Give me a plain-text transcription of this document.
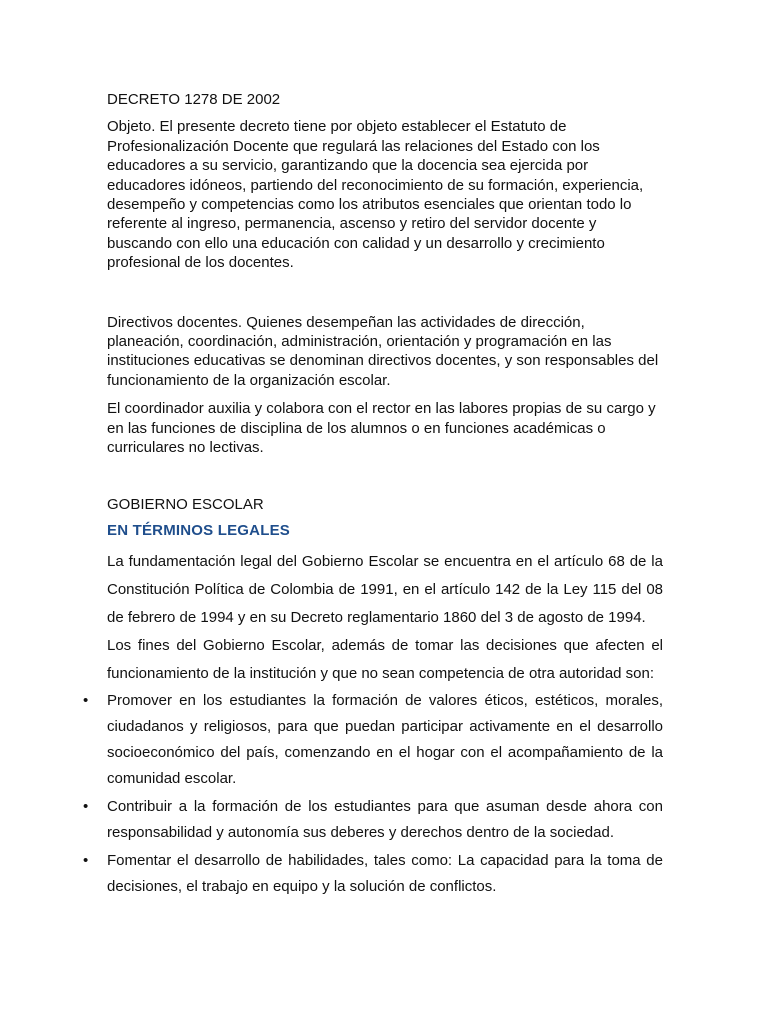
DECRETO 1278 DE 2002

Objeto. El presente decreto tiene por objeto establecer el Estatuto de Profesionalización Docente que regulará las relaciones del Estado con los educadores a su servicio, garantizando que la docencia sea ejercida por educadores idóneos, partiendo del reconocimiento de su formación, experiencia, desempeño y competencias como los atributos esenciales que orientan todo lo referente al ingreso, permanencia, ascenso y retiro del servidor docente y buscando con ello una educación con calidad y un desarrollo y crecimiento profesional de los docentes.

Directivos docentes. Quienes desempeñan las actividades de dirección, planeación, coordinación, administración, orientación y programación en las instituciones educativas se denominan directivos docentes, y son responsables del funcionamiento de la organización escolar.

El coordinador auxilia y colabora con el rector en las labores propias de su cargo y en las funciones de disciplina de los alumnos o en funciones académicas o curriculares no lectivas.

GOBIERNO ESCOLAR

EN TÉRMINOS LEGALES

La fundamentación legal del Gobierno Escolar se encuentra en el artículo 68 de la Constitución Política de Colombia de 1991, en el artículo 142 de la Ley 115 del 08 de febrero de 1994 y en su Decreto reglamentario 1860 del 3 de agosto de 1994.

Los fines del Gobierno Escolar, además de tomar las decisiones que afecten el funcionamiento de la institución y que no sean competencia de otra autoridad son:

• Promover en los estudiantes la formación de valores éticos, estéticos, morales, ciudadanos y religiosos, para que puedan participar activamente en el desarrollo socioeconómico del país, comenzando en el hogar con el acompañamiento de la comunidad escolar.
• Contribuir a la formación de los estudiantes para que asuman desde ahora con responsabilidad y autonomía sus deberes y derechos dentro de la sociedad.
• Fomentar el desarrollo de habilidades, tales como: La capacidad para la toma de decisiones, el trabajo en equipo y la solución de conflictos.
